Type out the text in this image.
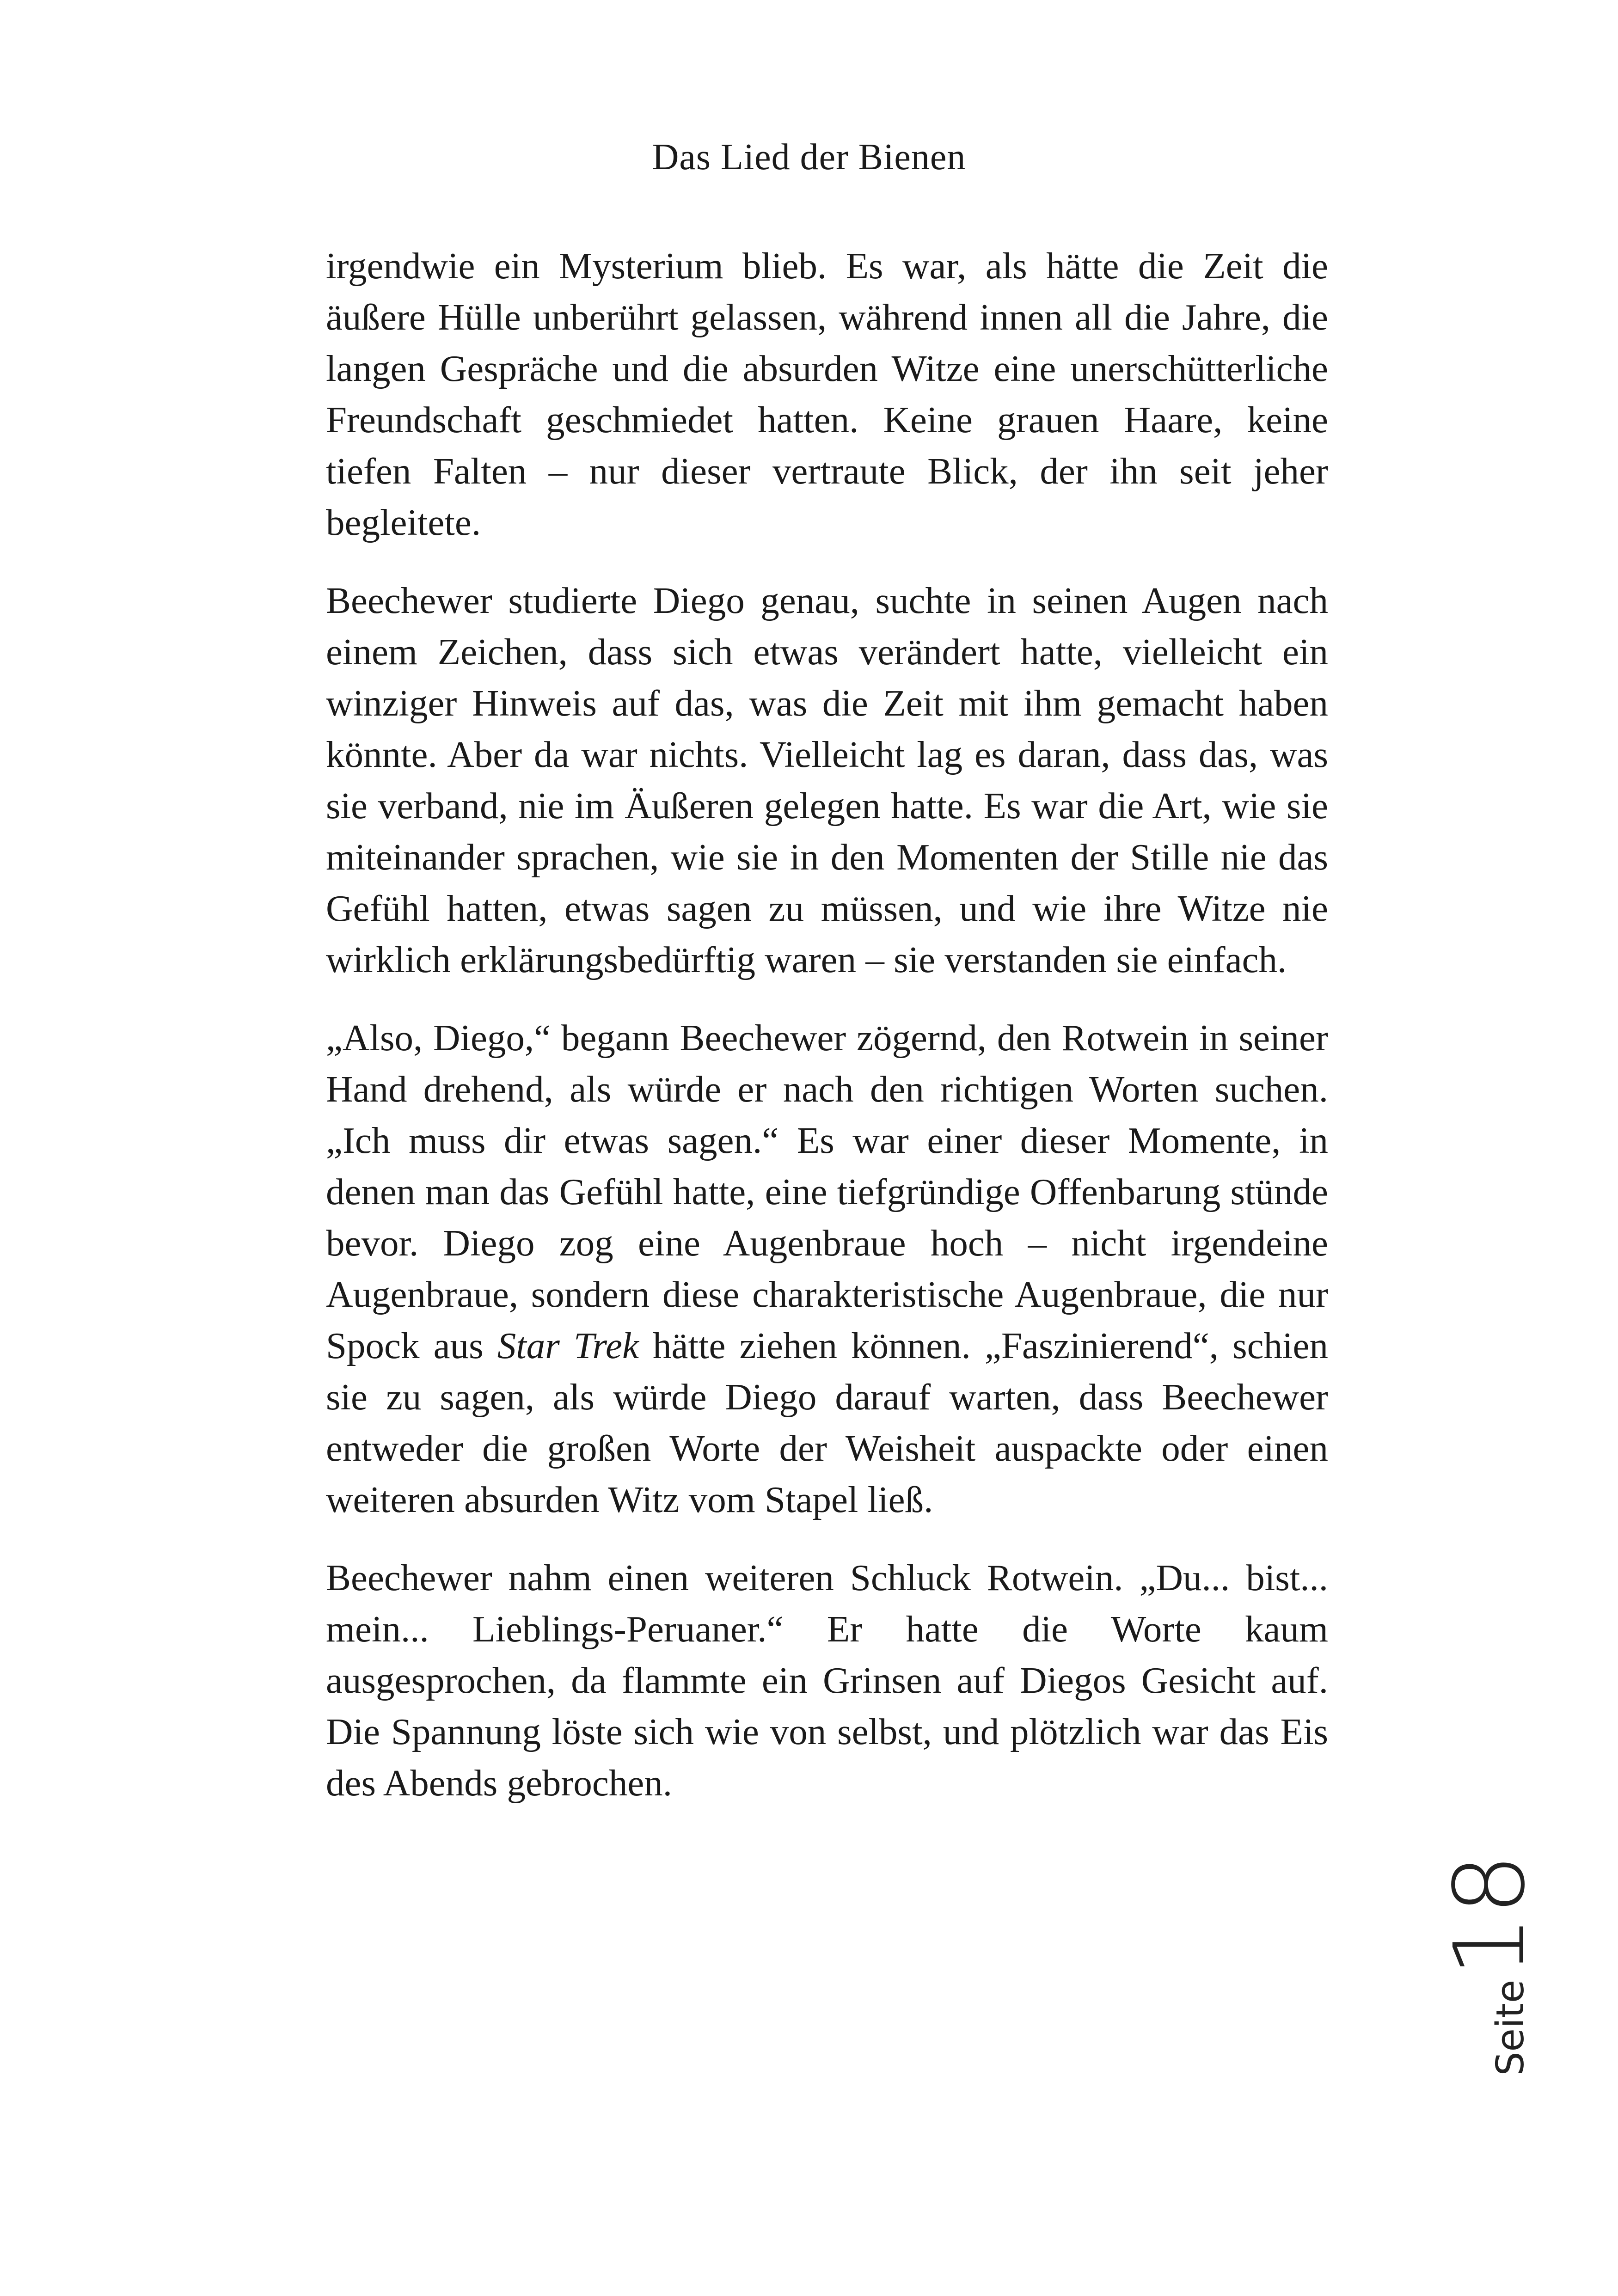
Das Lied der Bienen

irgendwie ein Mysterium blieb. Es war, als hätte die Zeit die äußere Hülle unberührt gelassen, während innen all die Jahre, die langen Gespräche und die absurden Witze eine unerschütterliche Freundschaft geschmiedet hatten. Keine grauen Haare, keine tiefen Falten – nur dieser vertraute Blick, der ihn seit jeher begleitete.

Beechewer studierte Diego genau, suchte in seinen Augen nach einem Zeichen, dass sich etwas verändert hatte, vielleicht ein winziger Hinweis auf das, was die Zeit mit ihm gemacht haben könnte. Aber da war nichts. Vielleicht lag es daran, dass das, was sie verband, nie im Äußeren gelegen hatte. Es war die Art, wie sie miteinander sprachen, wie sie in den Momenten der Stille nie das Gefühl hatten, etwas sagen zu müssen, und wie ihre Witze nie wirklich erklärungsbedürftig waren – sie verstanden sie einfach.

„Also, Diego,“ begann Beechewer zögernd, den Rotwein in seiner Hand drehend, als würde er nach den richtigen Worten suchen. „Ich muss dir etwas sagen.“ Es war einer dieser Momente, in denen man das Gefühl hatte, eine tiefgründige Offenbarung stünde bevor. Diego zog eine Augenbraue hoch – nicht irgendeine Augenbraue, sondern diese charakteristische Augenbraue, die nur Spock aus Star Trek hätte ziehen können. „Faszinierend“, schien sie zu sagen, als würde Diego darauf warten, dass Beechewer entweder die großen Worte der Weisheit auspackte oder einen weiteren absurden Witz vom Stapel ließ.

Beechewer nahm einen weiteren Schluck Rotwein. „Du... bist... mein... Lieblings-Peruaner.“ Er hatte die Worte kaum ausgesprochen, da flammte ein Grinsen auf Diegos Gesicht auf. Die Spannung löste sich wie von selbst, und plötzlich war das Eis des Abends gebrochen.

Seite
18
